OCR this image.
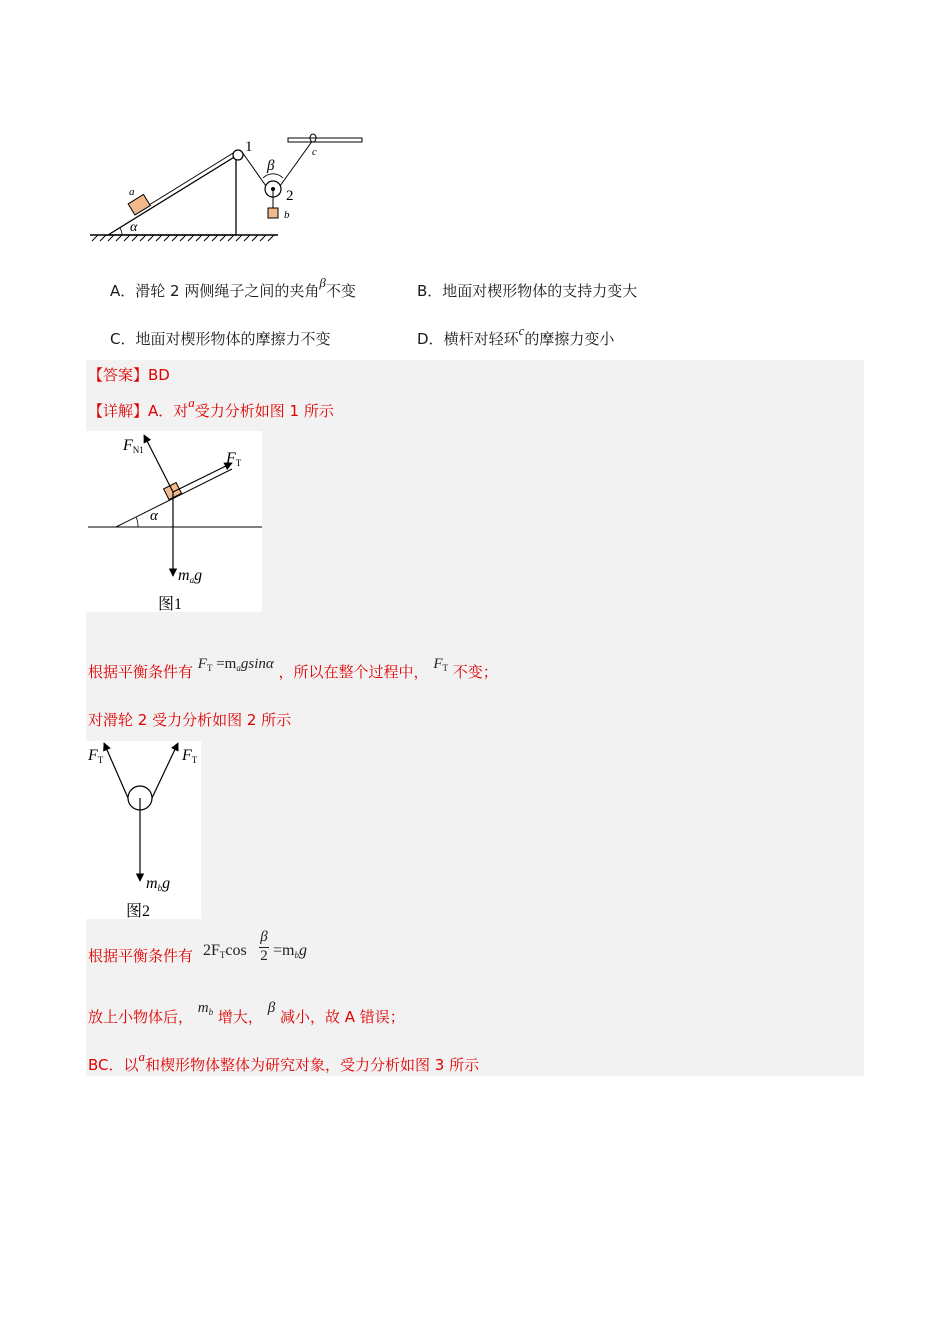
1
β
c
2
a
b
α
A．滑轮 2 两侧绳子之间的夹角β不变	B．地面对楔形物体的支持力变大
C．地面对楔形物体的摩擦力不变	D．横杆对轻环c的摩擦力变小
【答案】BD
【详解】A．对a受力分析如图 1 所示
FN1	FT
α
mag
图1
根据平衡条件有 $F_T =m_agsin\alpha$ ，所以在整个过程中， $F_T$ 不变；
对滑轮 2 受力分析如图 2 所示
FT	FT
mbg
图2
根据平衡条件有 2FTcos
β
2 =mbg
放上小物体后， $m_b$ 增大， β 减小，故 A 错误；
BC．以a和楔形物体整体为研究对象，受力分析如图 3 所示
